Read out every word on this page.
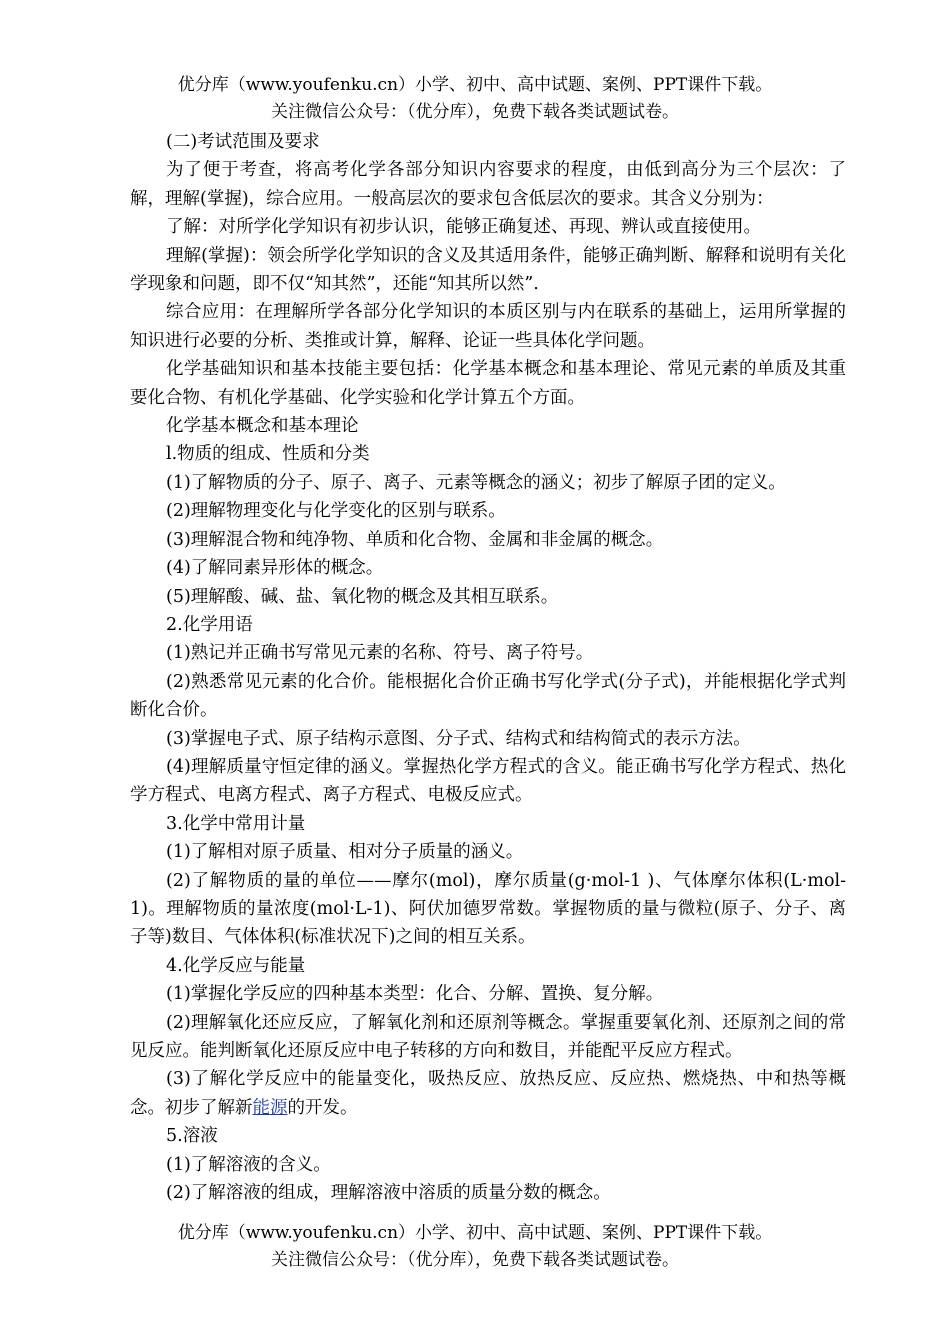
优分库（www.youfenku.cn）小学、初中、高中试题、案例、PPT课件下载。
关注微信公众号：（优分库），免费下载各类试题试卷。

(二)考试范围及要求

为了便于考查，将高考化学各部分知识内容要求的程度，由低到高分为三个层次：了解，理解(掌握)，综合应用。一般高层次的要求包含低层次的要求。其含义分别为：

了解：对所学化学知识有初步认识，能够正确复述、再现、辨认或直接使用。

理解(掌握)：领会所学化学知识的含义及其适用条件，能够正确判断、解释和说明有关化学现象和问题，即不仅“知其然”，还能“知其所以然”.

综合应用：在理解所学各部分化学知识的本质区别与内在联系的基础上，运用所掌握的知识进行必要的分析、类推或计算，解释、论证一些具体化学问题。

化学基础知识和基本技能主要包括：化学基本概念和基本理论、常见元素的单质及其重要化合物、有机化学基础、化学实验和化学计算五个方面。

化学基本概念和基本理论

l.物质的组成、性质和分类

(1)了解物质的分子、原子、离子、元素等概念的涵义；初步了解原子团的定义。

(2)理解物理变化与化学变化的区别与联系。

(3)理解混合物和纯净物、单质和化合物、金属和非金属的概念。

(4)了解同素异形体的概念。

(5)理解酸、碱、盐、氧化物的概念及其相互联系。

2.化学用语

(1)熟记并正确书写常见元素的名称、符号、离子符号。

(2)熟悉常见元素的化合价。能根据化合价正确书写化学式(分子式)，并能根据化学式判断化合价。

(3)掌握电子式、原子结构示意图、分子式、结构式和结构简式的表示方法。

(4)理解质量守恒定律的涵义。掌握热化学方程式的含义。能正确书写化学方程式、热化学方程式、电离方程式、离子方程式、电极反应式。

3.化学中常用计量

(1)了解相对原子质量、相对分子质量的涵义。

(2)了解物质的量的单位——摩尔(mol)，摩尔质量(g·mol-1 )、气体摩尔体积(L·mol-1)。理解物质的量浓度(mol·L-1)、阿伏加德罗常数。掌握物质的量与微粒(原子、分子、离子等)数目、气体体积(标准状况下)之间的相互关系。

4.化学反应与能量

(1)掌握化学反应的四种基本类型：化合、分解、置换、复分解。

(2)理解氧化还应反应，了解氧化剂和还原剂等概念。掌握重要氧化剂、还原剂之间的常见反应。能判断氧化还原反应中电子转移的方向和数目，并能配平反应方程式。

(3)了解化学反应中的能量变化，吸热反应、放热反应、反应热、燃烧热、中和热等概念。初步了解新能源的开发。

5.溶液

(1)了解溶液的含义。

(2)了解溶液的组成，理解溶液中溶质的质量分数的概念。

优分库（www.youfenku.cn）小学、初中、高中试题、案例、PPT课件下载。
关注微信公众号：（优分库），免费下载各类试题试卷。
